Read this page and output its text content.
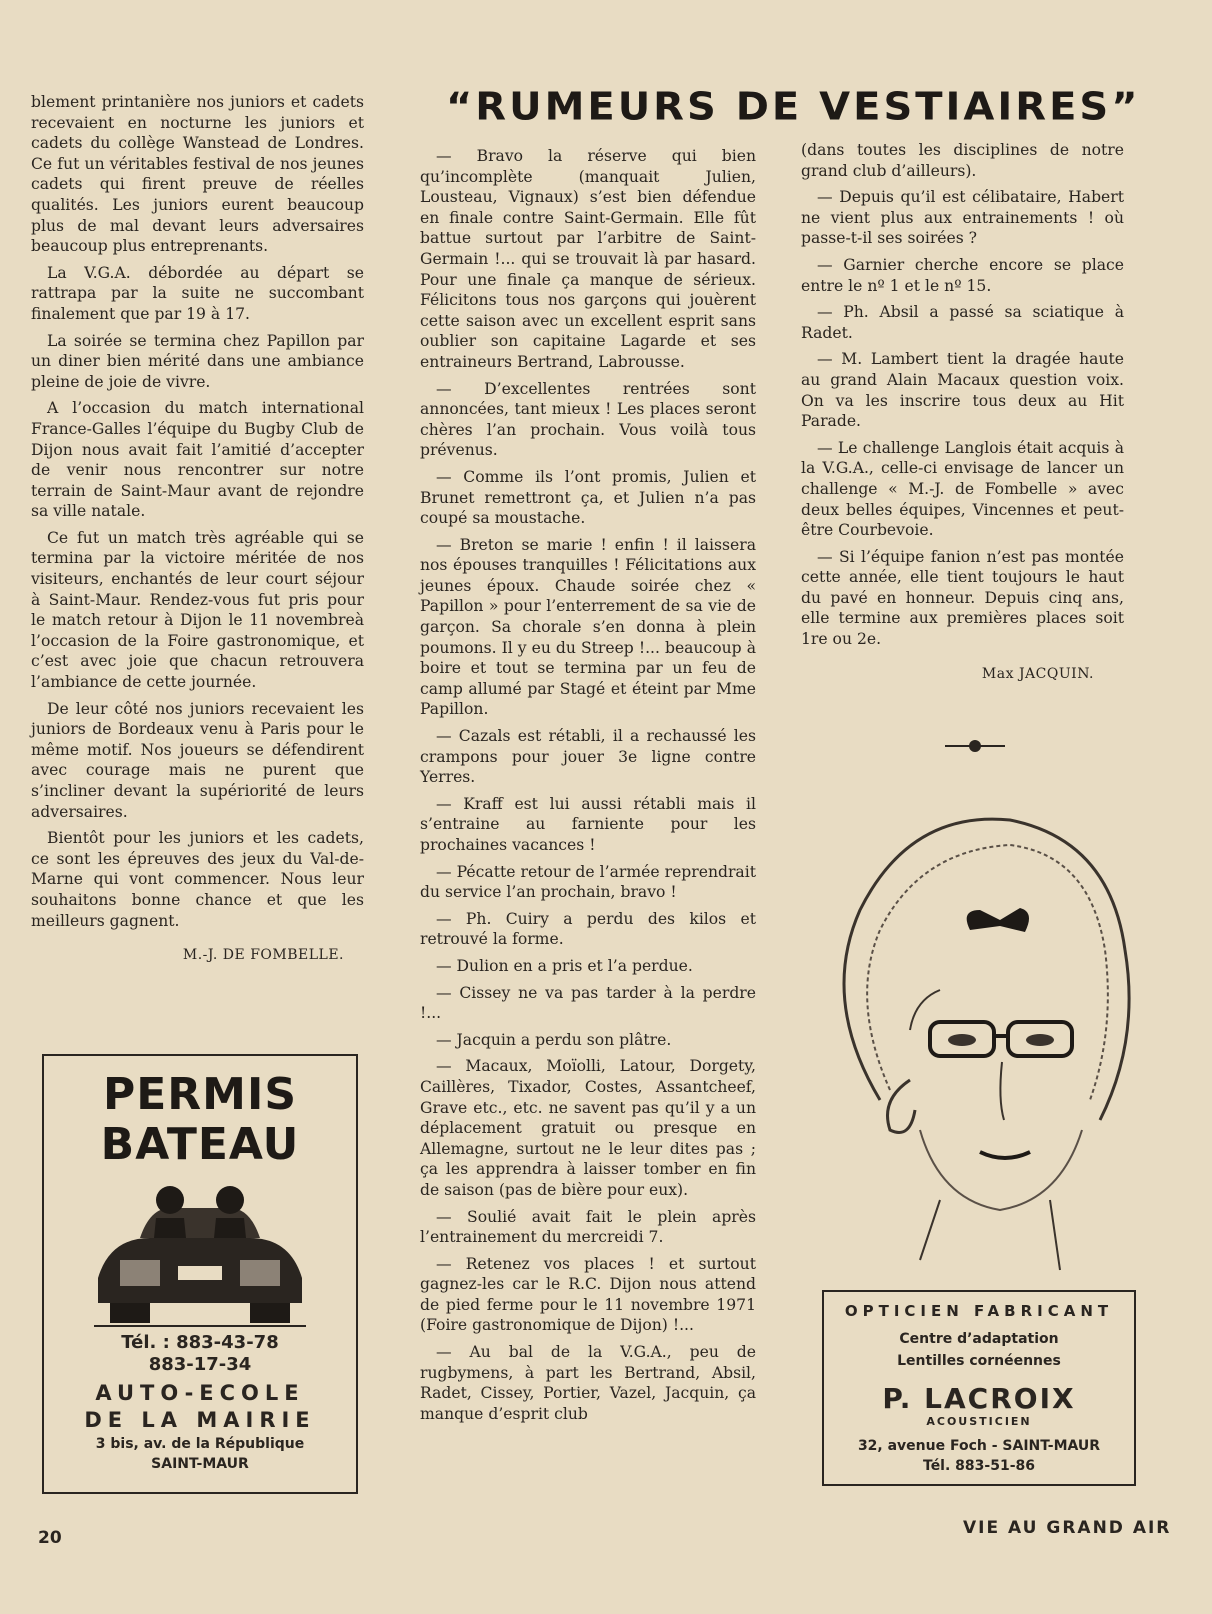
“RUMEURS DE VESTIAIRES”

blement printanière nos juniors et cadets recevaient en nocturne les juniors et cadets du collège Wanstead de Londres. Ce fut un véritables festival de nos jeunes cadets qui firent preuve de réelles qualités. Les juniors eurent beaucoup plus de mal devant leurs adversaires beaucoup plus entreprenants.

La V.G.A. débordée au départ se rattrapa par la suite ne succombant finalement que par 19 à 17.

La soirée se termina chez Papillon par un diner bien mérité dans une ambiance pleine de joie de vivre.

A l’occasion du match international France-Galles l’équipe du Bugby Club de Dijon nous avait fait l’amitié d’accepter de venir nous rencontrer sur notre terrain de Saint-Maur avant de rejondre sa ville natale.

Ce fut un match très agréable qui se termina par la victoire méritée de nos visiteurs, enchantés de leur court séjour à Saint-Maur. Rendez-vous fut pris pour le match retour à Dijon le 11 novembreà l’occasion de la Foire gastronomique, et c’est avec joie que chacun retrouvera l’ambiance de cette journée.

De leur côté nos juniors recevaient les juniors de Bordeaux venu à Paris pour le même motif. Nos joueurs se défendirent avec courage mais ne purent que s’incliner devant la supériorité de leurs adversaires.

Bientôt pour les juniors et les cadets, ce sont les épreuves des jeux du Val-de-Marne qui vont commencer. Nous leur souhaitons bonne chance et que les meilleurs gagnent.

M.-J. DE FOMBELLE.

— Bravo la réserve qui bien qu’incomplète (manquait Julien, Lousteau, Vignaux) s’est bien défendue en finale contre Saint-Germain. Elle fût battue surtout par l’arbitre de Saint-Germain !... qui se trouvait là par hasard. Pour une finale ça manque de sérieux. Félicitons tous nos garçons qui jouèrent cette saison avec un excellent esprit sans oublier son capitaine Lagarde et ses entraineurs Bertrand, Labrousse.

— D’excellentes rentrées sont annoncées, tant mieux ! Les places seront chères l’an prochain. Vous voilà tous prévenus.

— Comme ils l’ont promis, Julien et Brunet remettront ça, et Julien n’a pas coupé sa moustache.

— Breton se marie ! enfin ! il laissera nos épouses tranquilles ! Félicitations aux jeunes époux. Chaude soirée chez « Papillon » pour l’enterrement de sa vie de garçon. Sa chorale s’en donna à plein poumons. Il y eu du Streep !... beaucoup à boire et tout se termina par un feu de camp allumé par Stagé et éteint par Mme Papillon.

— Cazals est rétabli, il a rechaussé les crampons pour jouer 3e ligne contre Yerres.

— Kraff est lui aussi rétabli mais il s’entraine au farniente pour les prochaines vacances !

— Pécatte retour de l’armée reprendrait du service l’an prochain, bravo !

— Ph. Cuiry a perdu des kilos et retrouvé la forme.

— Dulion en a pris et l’a perdue.

— Cissey ne va pas tarder à la perdre !...

— Jacquin a perdu son plâtre.

— Macaux, Moïolli, Latour, Dorgety, Caillères, Tixador, Costes, Assantcheef, Grave etc., etc. ne savent pas qu’il y a un déplacement gratuit ou presque en Allemagne, surtout ne le leur dites pas ; ça les apprendra à laisser tomber en fin de saison (pas de bière pour eux).

— Soulié avait fait le plein après l’entrainement du mercreidi 7.

— Retenez vos places ! et surtout gagnez-les car le R.C. Dijon nous attend de pied ferme pour le 11 novembre 1971 (Foire gastronomique de Dijon) !...

— Au bal de la V.G.A., peu de rugbymens, à part les Bertrand, Absil, Radet, Cissey, Portier, Vazel, Jacquin, ça manque d’esprit club

(dans toutes les disciplines de notre grand club d’ailleurs).

— Depuis qu’il est célibataire, Habert ne vient plus aux entrainements ! où passe-t-il ses soirées ?

— Garnier cherche encore se place entre le nº 1 et le nº 15.

— Ph. Absil a passé sa sciatique à Radet.

— M. Lambert tient la dragée haute au grand Alain Macaux question voix. On va les inscrire tous deux au Hit Parade.

— Le challenge Langlois était acquis à la V.G.A., celle-ci envisage de lancer un challenge « M.-J. de Fombelle » avec deux belles équipes, Vincennes et peut-être Courbevoie.

— Si l’équipe fanion n’est pas montée cette année, elle tient toujours le haut du pavé en honneur. Depuis cinq ans, elle termine aux premières places soit 1re ou 2e.

Max JACQUIN.
PERMIS
BATEAU
Tél. : 883-43-78
883-17-34
AUTO-ECOLE
DE LA MAIRIE
3 bis, av. de la République
SAINT-MAUR
OPTICIEN FABRICANT
Centre d’adaptation
Lentilles cornéennes
P. LACROIX
ACOUSTICIEN
32, avenue Foch - SAINT-MAUR
Tél. 883-51-86
20	VIE AU GRAND AIR
